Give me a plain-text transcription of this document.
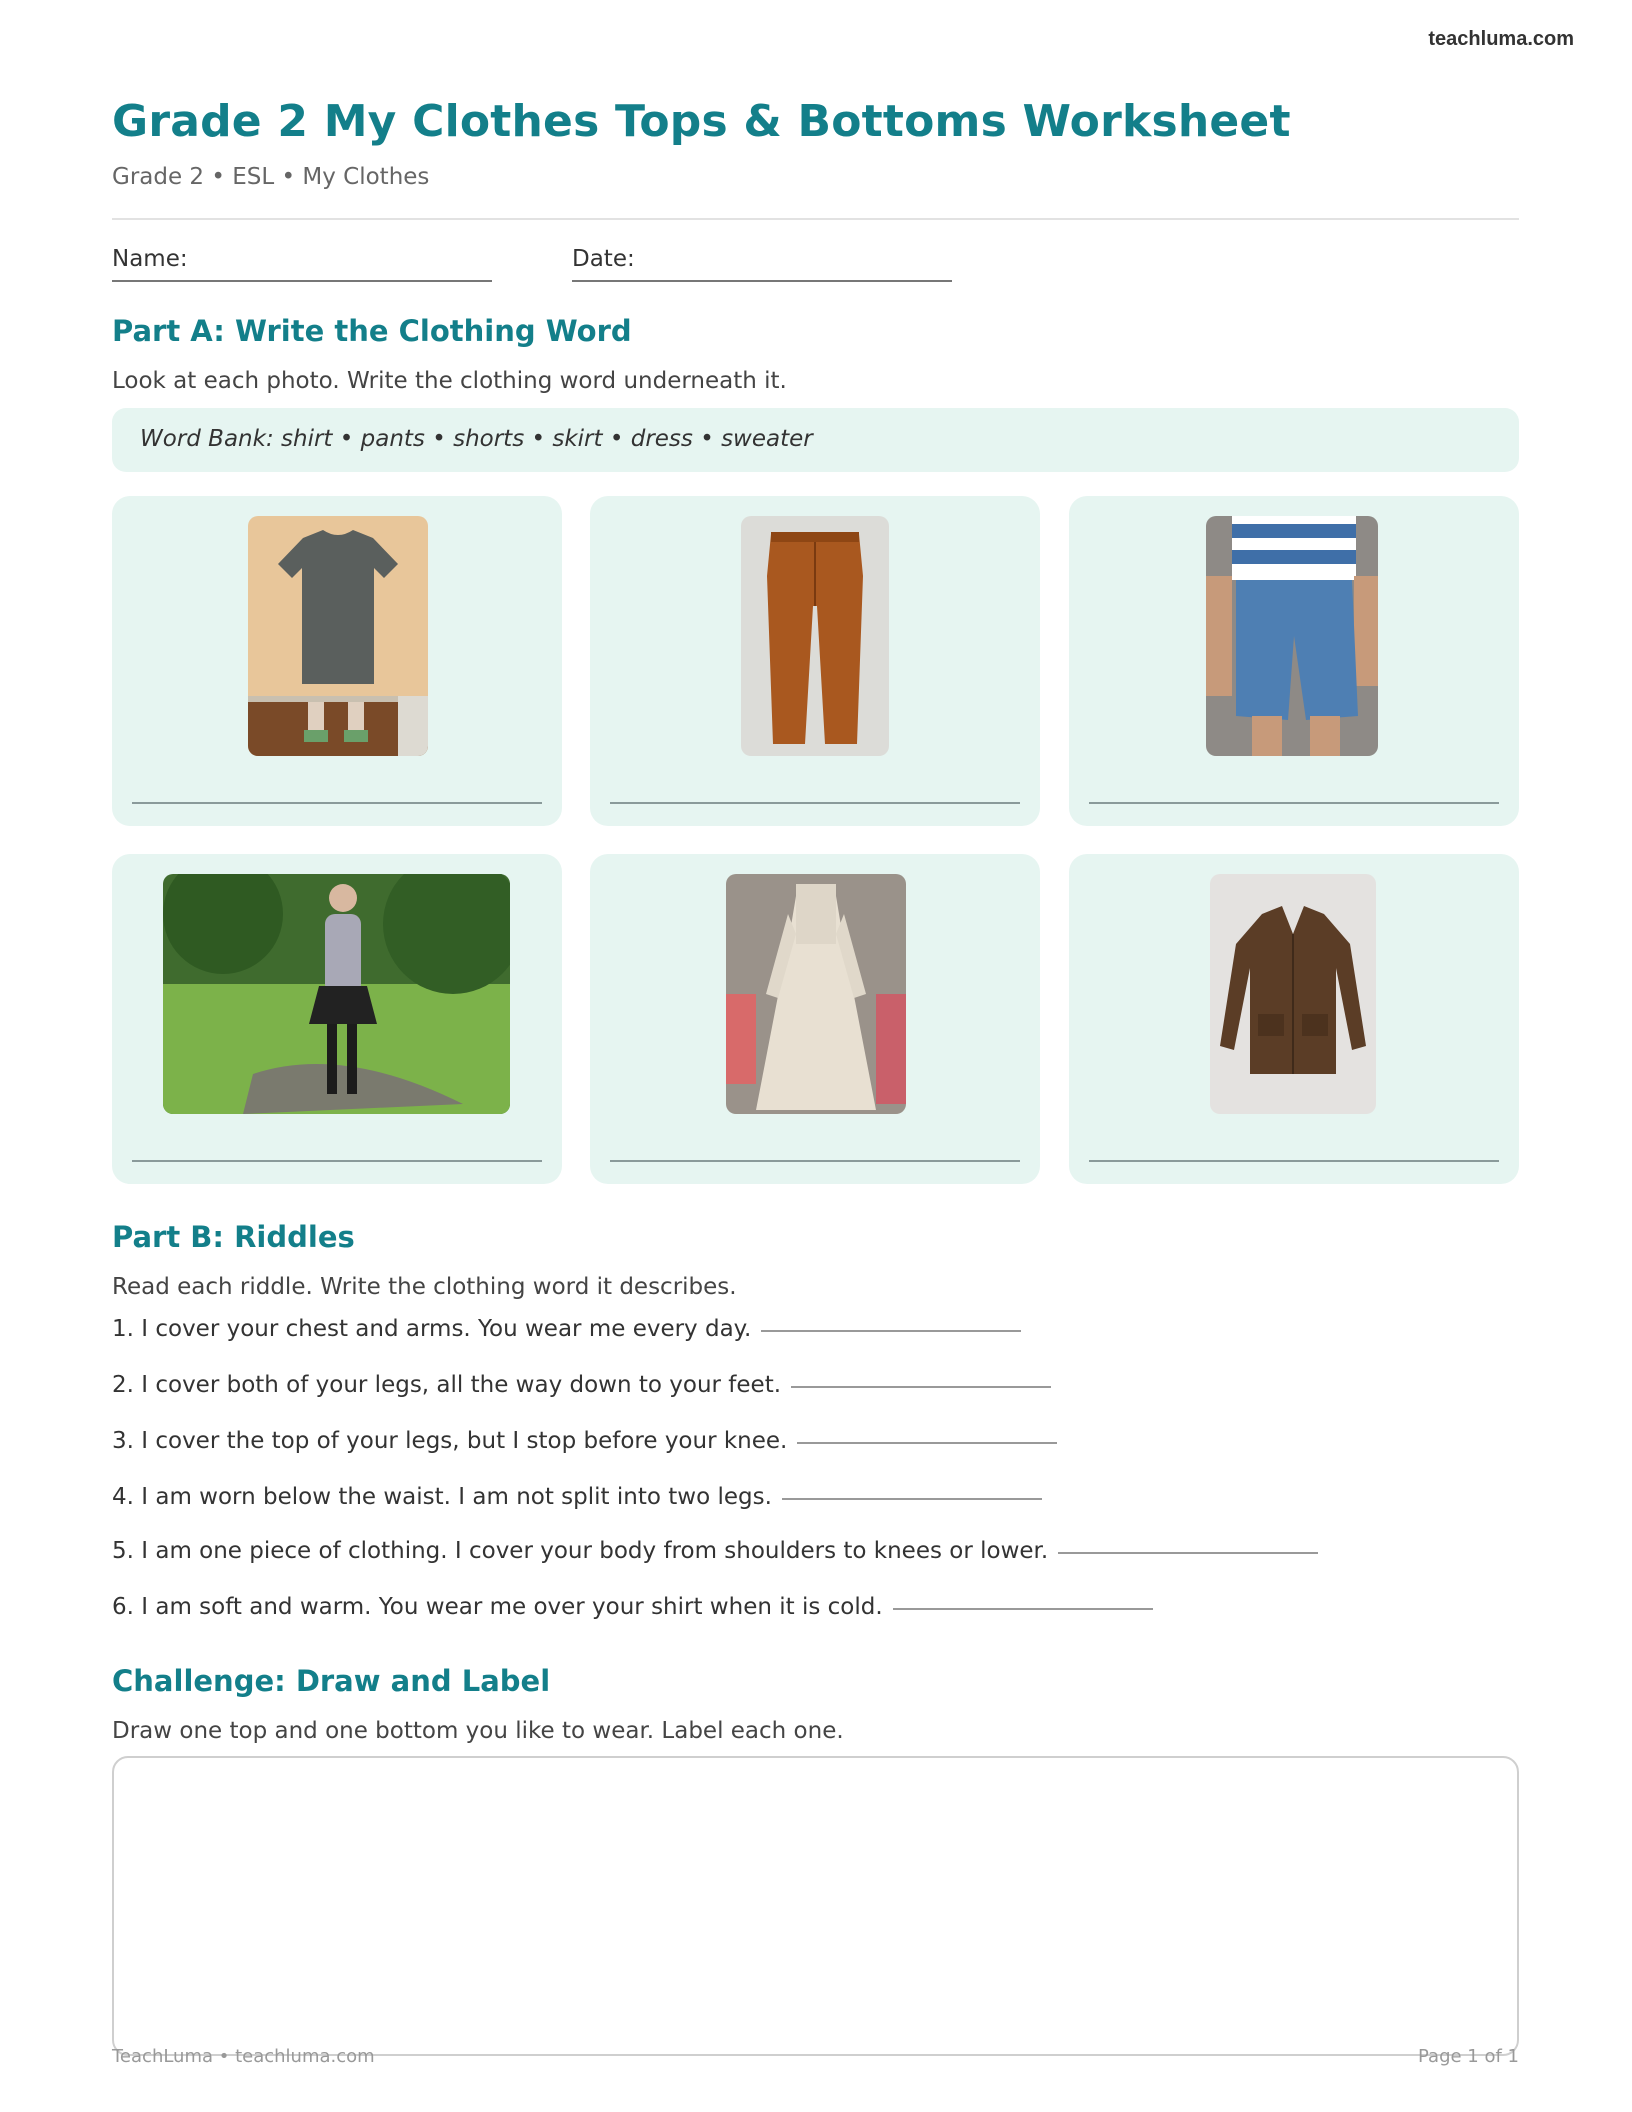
teachluma.com
Grade 2 My Clothes Tops & Bottoms Worksheet
Grade 2 • ESL • My Clothes
Name:	Date:
Part A: Write the Clothing Word
Look at each photo. Write the clothing word underneath it.
Word Bank: shirt • pants • shorts • skirt • dress • sweater
Part B: Riddles
Read each riddle. Write the clothing word it describes.
1. I cover your chest and arms. You wear me every day.
2. I cover both of your legs, all the way down to your feet.
3. I cover the top of your legs, but I stop before your knee.
4. I am worn below the waist. I am not split into two legs.
5. I am one piece of clothing. I cover your body from shoulders to knees or lower.
6. I am soft and warm. You wear me over your shirt when it is cold.
Challenge: Draw and Label
Draw one top and one bottom you like to wear. Label each one.
TeachLuma • teachluma.com	Page 1 of 1
